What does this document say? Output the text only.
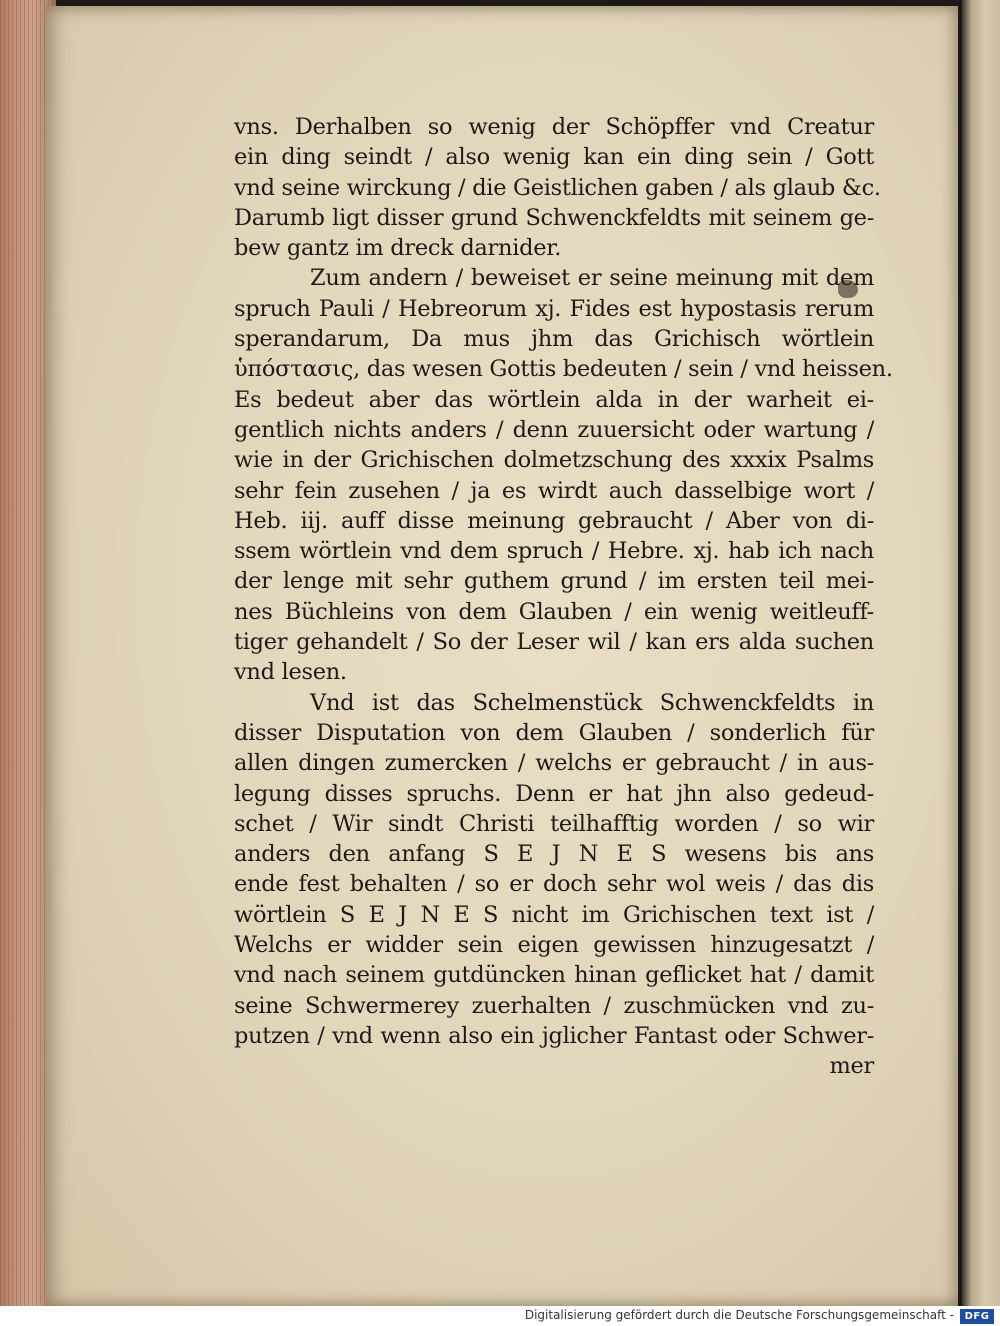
vns. Derhalben so wenig der Schöpffer vnd Creatur
ein ding seindt / also wenig kan ein ding sein / Gott
vnd seine wirckung / die Geistlichen gaben / als glaub &c.
Darumb ligt disser grund Schwenckfeldts mit seinem ge-
bew gantz im dreck darnider.
Zum andern / beweiset er seine meinung mit dem
spruch Pauli / Hebreorum xj. Fides est hypostasis rerum
sperandarum, Da mus jhm das Grichisch wörtlein
ὑπόστασις, das wesen Gottis bedeuten / sein / vnd heissen.
Es bedeut aber das wörtlein alda in der warheit ei-
gentlich nichts anders / denn zuuersicht oder wartung /
wie in der Grichischen dolmetzschung des xxxix Psalms
sehr fein zusehen / ja es wirdt auch dasselbige wort /
Heb. iij. auff disse meinung gebraucht / Aber von di-
ssem wörtlein vnd dem spruch / Hebre. xj. hab ich nach
der lenge mit sehr guthem grund / im ersten teil mei-
nes Büchleins von dem Glauben / ein wenig weitleuff-
tiger gehandelt / So der Leser wil / kan ers alda suchen
vnd lesen.
Vnd ist das Schelmenstück Schwenckfeldts in
disser Disputation von dem Glauben / sonderlich für
allen dingen zumercken / welchs er gebraucht / in aus-
legung disses spruchs. Denn er hat jhn also gedeud-
schet / Wir sindt Christi teilhafftig worden / so wir
anders den anfang S E J N E S wesens bis ans
ende fest behalten / so er doch sehr wol weis / das dis
wörtlein S E J N E S nicht im Grichischen text ist /
Welchs er widder sein eigen gewissen hinzugesatzt /
vnd nach seinem gutdüncken hinan geflicket hat / damit
seine Schwermerey zuerhalten / zuschmücken vnd zu-
putzen / vnd wenn also ein jglicher Fantast oder Schwer-
mer
Digitalisierung gefördert durch die Deutsche Forschungsgemeinschaft -	DFG
